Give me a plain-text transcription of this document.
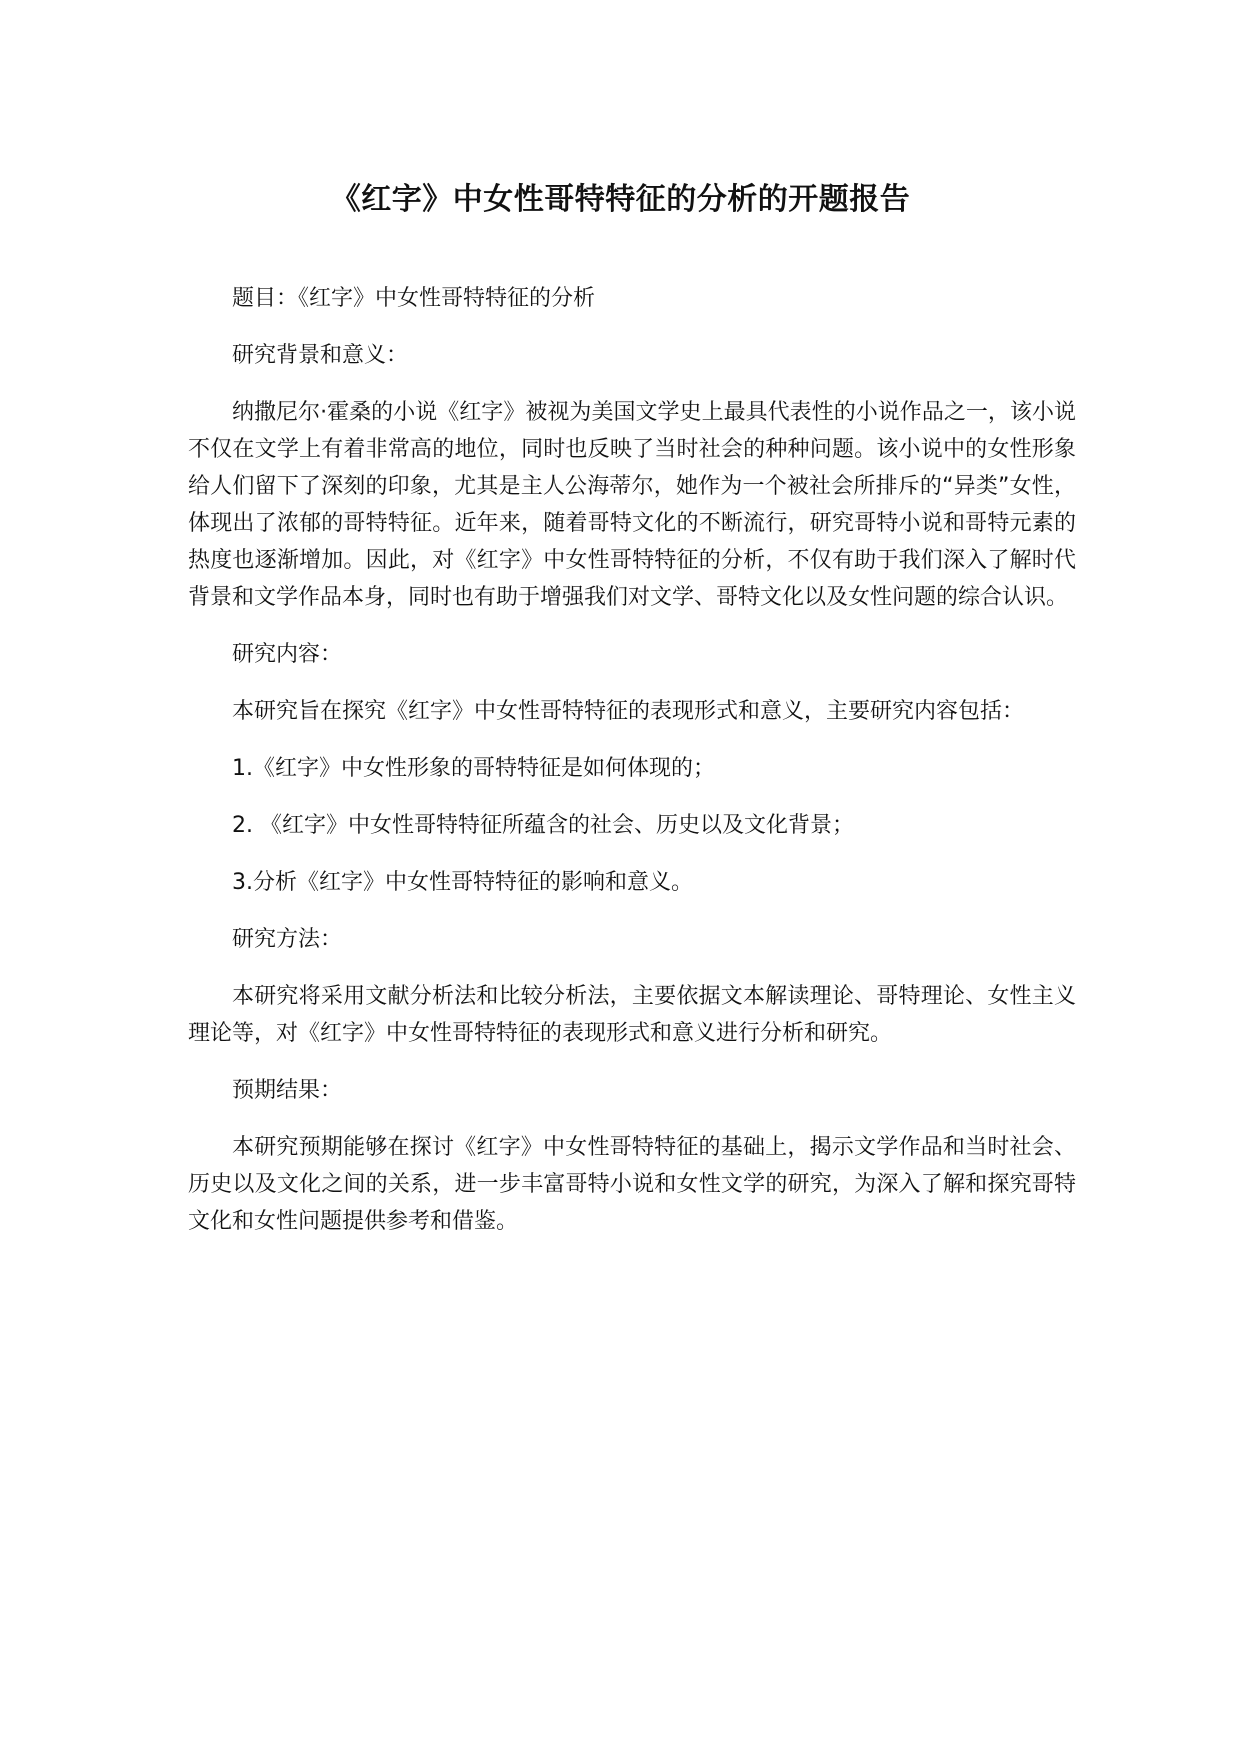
《红字》中女性哥特特征的分析的开题报告

题目：《红字》中女性哥特特征的分析

研究背景和意义：

纳撒尼尔·霍桑的小说《红字》被视为美国文学史上最具代表性的小说作品之一，该小说不仅在文学上有着非常高的地位，同时也反映了当时社会的种种问题。该小说中的女性形象给人们留下了深刻的印象，尤其是主人公海蒂尔，她作为一个被社会所排斥的“异类”女性，体现出了浓郁的哥特特征。近年来，随着哥特文化的不断流行，研究哥特小说和哥特元素的热度也逐渐增加。因此，对《红字》中女性哥特特征的分析，不仅有助于我们深入了解时代背景和文学作品本身，同时也有助于增强我们对文学、哥特文化以及女性问题的综合认识。

研究内容：

本研究旨在探究《红字》中女性哥特特征的表现形式和意义，主要研究内容包括：

1.《红字》中女性形象的哥特特征是如何体现的；

2. 《红字》中女性哥特特征所蕴含的社会、历史以及文化背景；

3.分析《红字》中女性哥特特征的影响和意义。

研究方法：

本研究将采用文献分析法和比较分析法，主要依据文本解读理论、哥特理论、女性主义理论等，对《红字》中女性哥特特征的表现形式和意义进行分析和研究。

预期结果：

本研究预期能够在探讨《红字》中女性哥特特征的基础上，揭示文学作品和当时社会、历史以及文化之间的关系，进一步丰富哥特小说和女性文学的研究，为深入了解和探究哥特文化和女性问题提供参考和借鉴。
